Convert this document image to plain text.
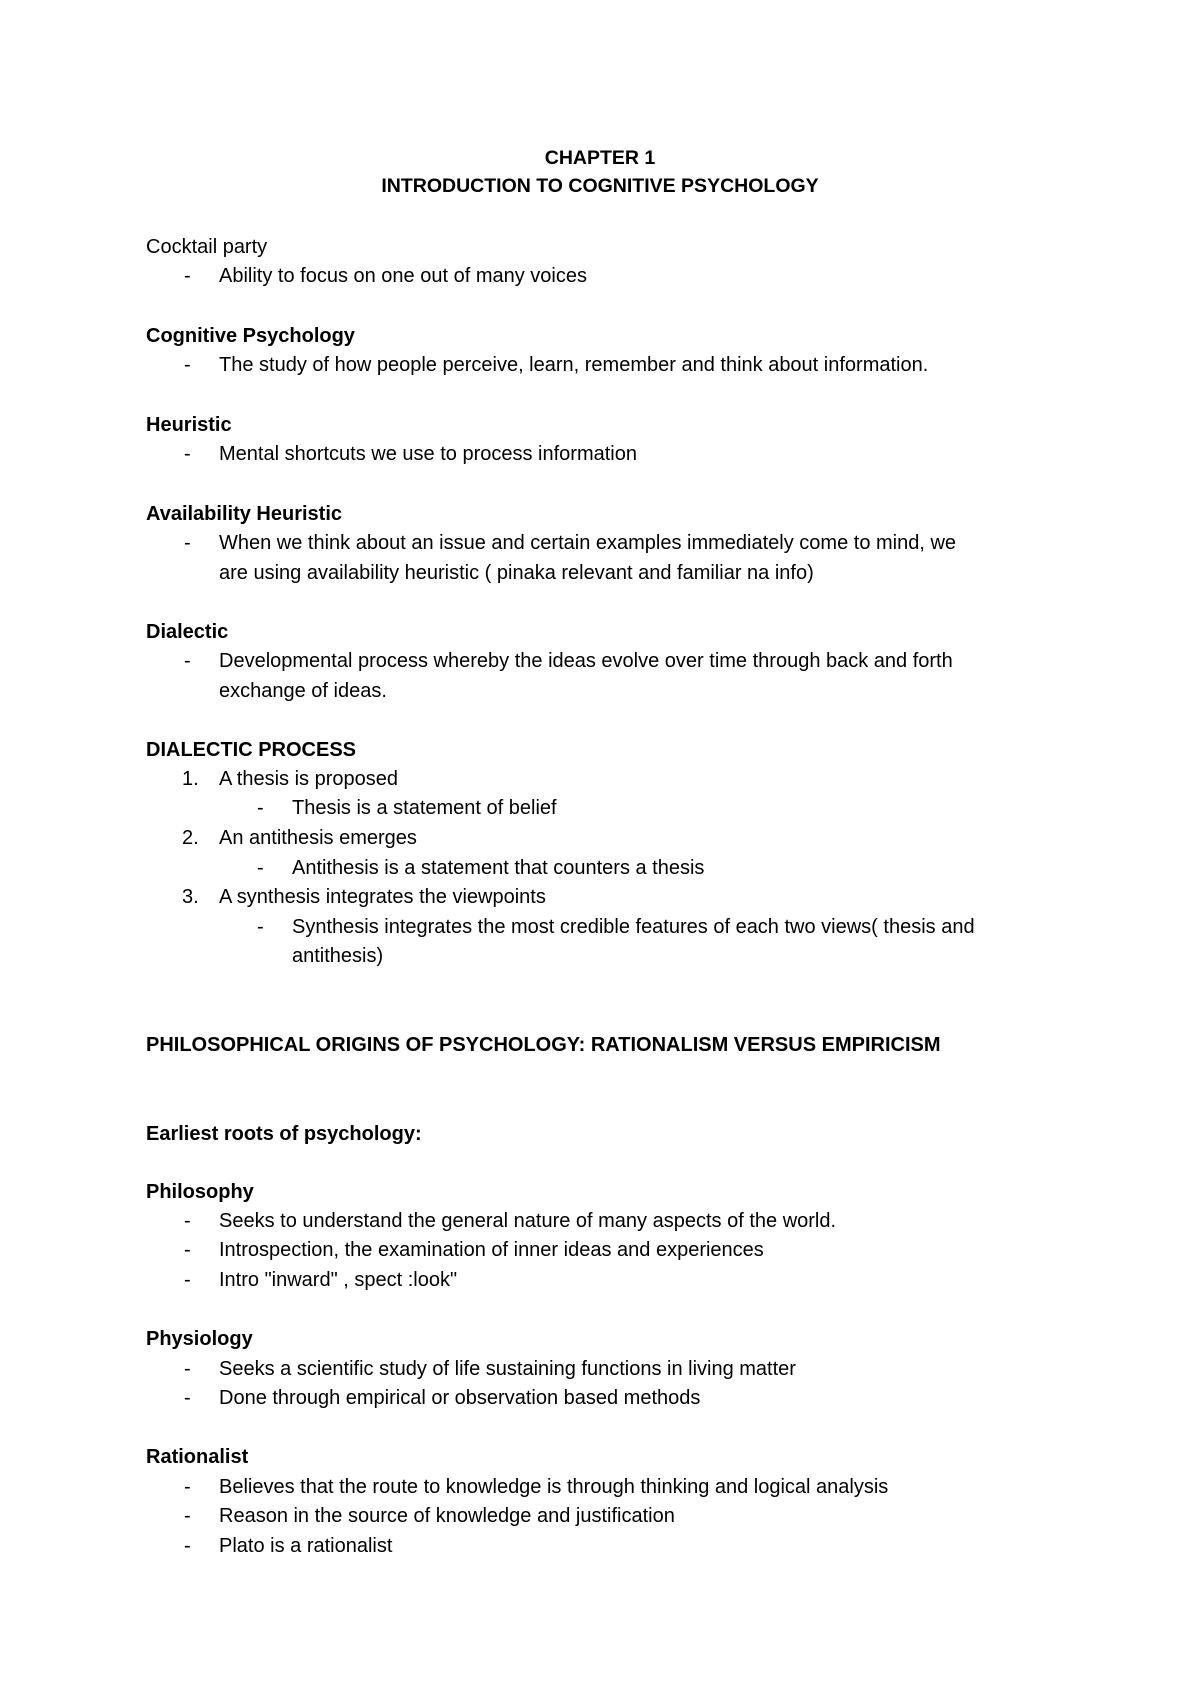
CHAPTER 1
INTRODUCTION TO COGNITIVE PSYCHOLOGY
Cocktail party
- Ability to focus on one out of many voices
Cognitive Psychology
- The study of how people perceive, learn, remember and think about information.
Heuristic
- Mental shortcuts we use to process information
Availability Heuristic
- When we think about an issue and certain examples immediately come to mind, we
are using availability heuristic ( pinaka relevant and familiar na info)
Dialectic
- Developmental process whereby the ideas evolve over time through back and forth
exchange of ideas.
DIALECTIC PROCESS
1. A thesis is proposed
- Thesis is a statement of belief
2. An antithesis emerges
- Antithesis is a statement that counters a thesis
3. A synthesis integrates the viewpoints
- Synthesis integrates the most credible features of each two views( thesis and
antithesis)
PHILOSOPHICAL ORIGINS OF PSYCHOLOGY: RATIONALISM VERSUS EMPIRICISM
Earliest roots of psychology:
Philosophy
- Seeks to understand the general nature of many aspects of the world.
- Introspection, the examination of inner ideas and experiences
- Intro "inward" , spect :look"
Physiology
- Seeks a scientific study of life sustaining functions in living matter
- Done through empirical or observation based methods
Rationalist
- Believes that the route to knowledge is through thinking and logical analysis
- Reason in the source of knowledge and justification
- Plato is a rationalist
